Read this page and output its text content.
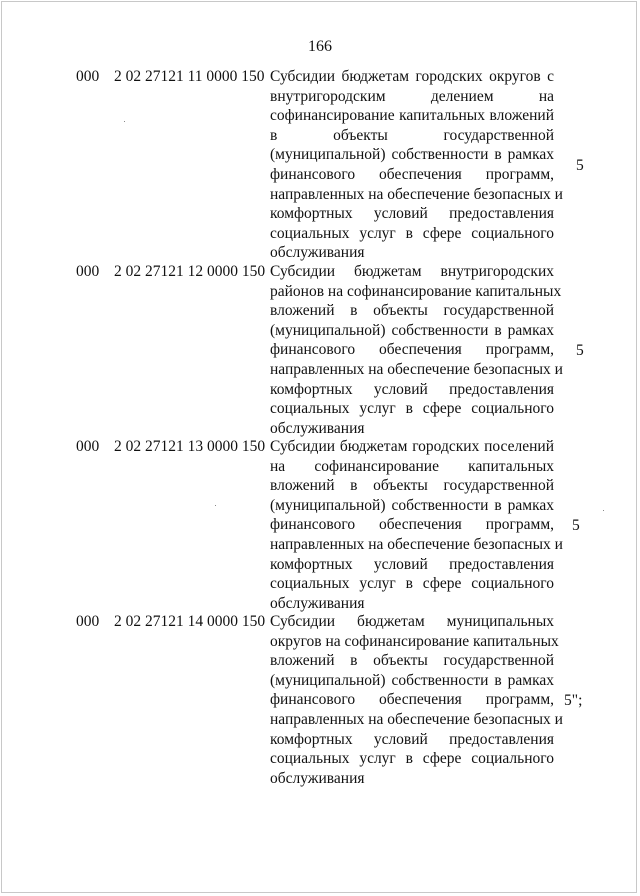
166
000 2 02 27121 11 0000 150 Субсидии бюджетам городских округов с
внутригородским делением на
софинансирование капитальных вложений
в объекты государственной
(муниципальной) собственности в рамках
финансового обеспечения программ,
направленных на обеспечение безопасных и
комфортных условий предоставления
социальных услуг в сфере социального
обслуживания
5
000 2 02 27121 12 0000 150 Субсидии бюджетам внутригородских
районов на софинансирование капитальных
вложений в объекты государственной
(муниципальной) собственности в рамках
финансового обеспечения программ,
направленных на обеспечение безопасных и
комфортных условий предоставления
социальных услуг в сфере социального
обслуживания
5
000 2 02 27121 13 0000 150 Субсидии бюджетам городских поселений
на софинансирование капитальных
вложений в объекты государственной
(муниципальной) собственности в рамках
финансового обеспечения программ,
направленных на обеспечение безопасных и
комфортных условий предоставления
социальных услуг в сфере социального
обслуживания
5
000 2 02 27121 14 0000 150 Субсидии бюджетам муниципальных
округов на софинансирование капитальных
вложений в объекты государственной
(муниципальной) собственности в рамках
финансового обеспечения программ,
направленных на обеспечение безопасных и
комфортных условий предоставления
социальных услуг в сфере социального
обслуживания
5";
